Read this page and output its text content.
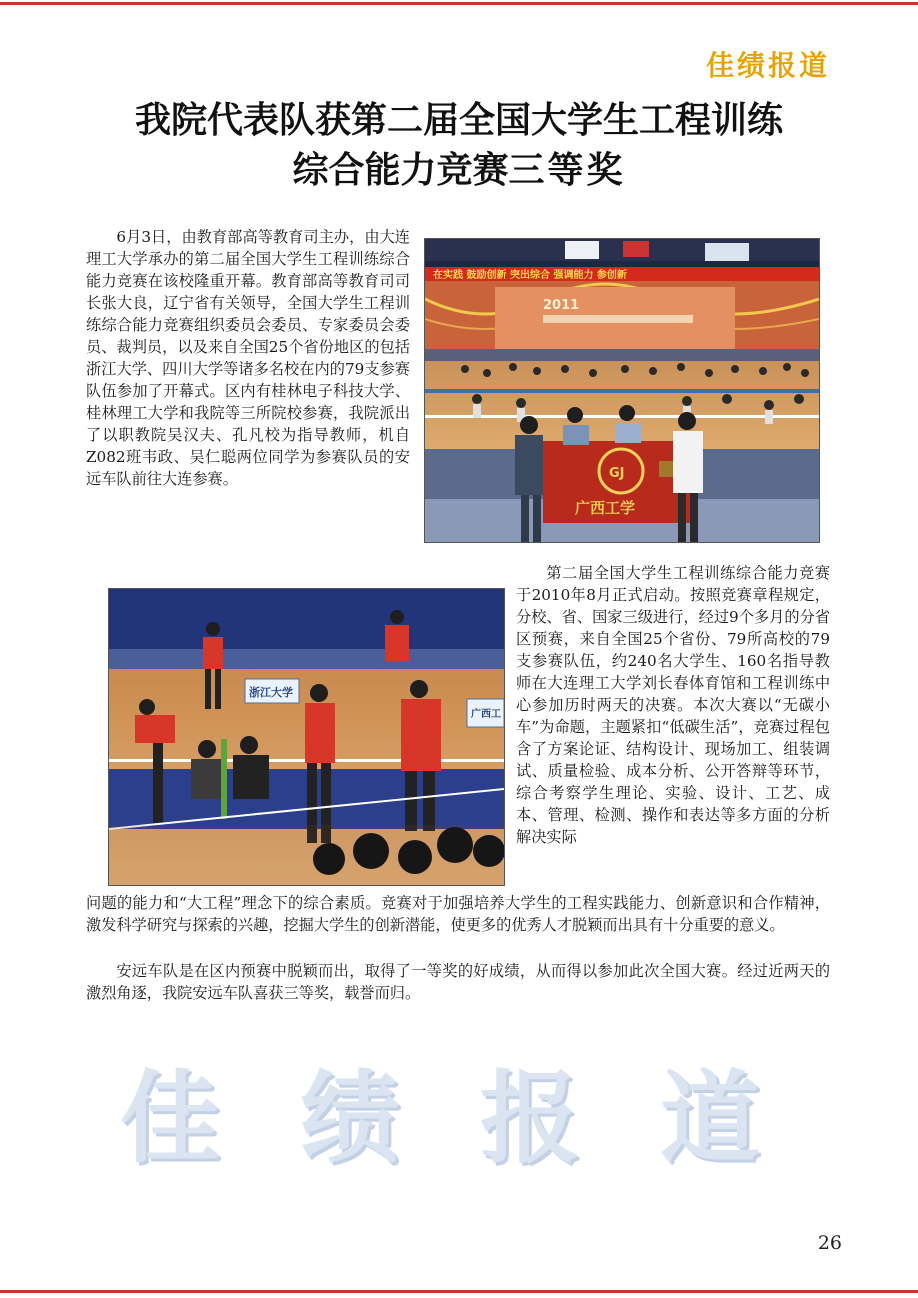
佳绩报道
我院代表队获第二届全国大学生工程训练
综合能力竞赛三等奖

6月3日，由教育部高等教育司主办，由大连理工大学承办的第二届全国大学生工程训练综合能力竞赛在该校隆重开幕。教育部高等教育司司长张大良，辽宁省有关领导，全国大学生工程训练综合能力竞赛组织委员会委员、专家委员会委员、裁判员，以及来自全国25个省份地区的包括浙江大学、四川大学等诸多名校在内的79支参赛队伍参加了开幕式。区内有桂林电子科技大学、桂林理工大学和我院等三所院校参赛，我院派出了以职教院吴汉夫、孔凡校为指导教师，机自Z082班韦政、吴仁聪两位同学为参赛队员的安远车队前往大连参赛。

在实践 鼓励创新 突出综合 强调能力 参创新
2011
GJ
广西工学
浙江大学
广西工

第二届全国大学生工程训练综合能力竞赛于2010年8月正式启动。按照竞赛章程规定，分校、省、国家三级进行，经过9个多月的分省区预赛，来自全国25个省份、79所高校的79支参赛队伍，约240名大学生、160名指导教师在大连理工大学刘长春体育馆和工程训练中心参加历时两天的决赛。本次大赛以“无碳小车”为命题，主题紧扣“低碳生活”，竞赛过程包含了方案论证、结构设计、现场加工、组装调试、质量检验、成本分析、公开答辩等环节，综合考察学生理论、实验、设计、工艺、成本、管理、检测、操作和表达等多方面的分析解决实际

问题的能力和“大工程”理念下的综合素质。竞赛对于加强培养大学生的工程实践能力、创新意识和合作精神，激发科学研究与探索的兴趣，挖掘大学生的创新潜能，使更多的优秀人才脱颖而出具有十分重要的意义。

安远车队是在区内预赛中脱颖而出，取得了一等奖的好成绩，从而得以参加此次全国大赛。经过近两天的激烈角逐，我院安远车队喜获三等奖，载誉而归。

佳 绩 报 道
26
